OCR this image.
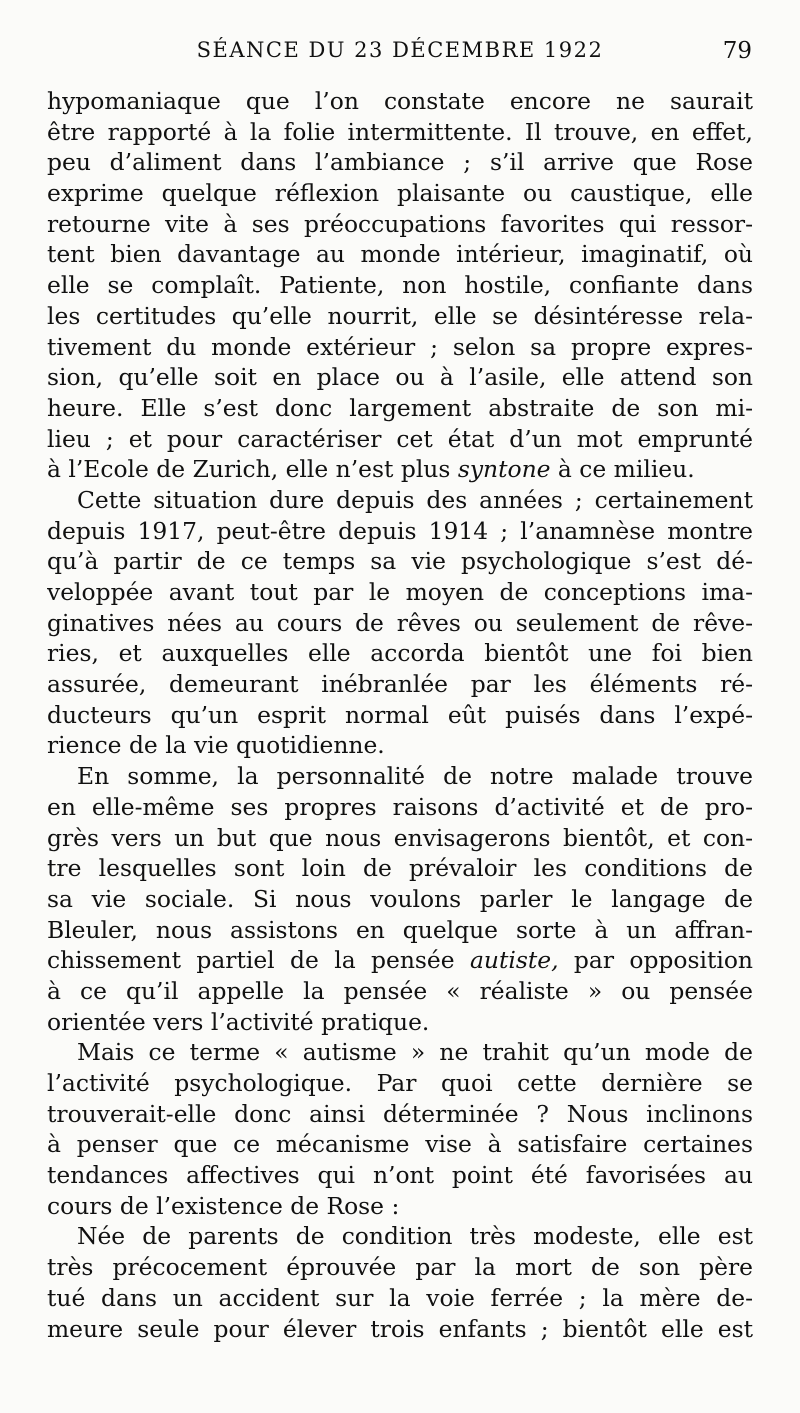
SÉANCE DU 23 DÉCEMBRE 1922	79
hypomaniaque que l’on constate encore ne saurait
être rapporté à la folie intermittente. Il trouve, en effet,
peu d’aliment dans l’ambiance ; s’il arrive que Rose
exprime quelque réflexion plaisante ou caustique, elle
retourne vite à ses préoccupations favorites qui ressor-
tent bien davantage au monde intérieur, imaginatif, où
elle se complaît. Patiente, non hostile, confiante dans
les certitudes qu’elle nourrit, elle se désintéresse rela-
tivement du monde extérieur ; selon sa propre expres-
sion, qu’elle soit en place ou à l’asile, elle attend son
heure. Elle s’est donc largement abstraite de son mi-
lieu ; et pour caractériser cet état d’un mot emprunté
à l’Ecole de Zurich, elle n’est plus syntone à ce milieu.
Cette situation dure depuis des années ; certainement
depuis 1917, peut-être depuis 1914 ; l’anamnèse montre
qu’à partir de ce temps sa vie psychologique s’est dé-
veloppée avant tout par le moyen de conceptions ima-
ginatives nées au cours de rêves ou seulement de rêve-
ries, et auxquelles elle accorda bientôt une foi bien
assurée, demeurant inébranlée par les éléments ré-
ducteurs qu’un esprit normal eût puisés dans l’expé-
rience de la vie quotidienne.
En somme, la personnalité de notre malade trouve
en elle-même ses propres raisons d’activité et de pro-
grès vers un but que nous envisagerons bientôt, et con-
tre lesquelles sont loin de prévaloir les conditions de
sa vie sociale. Si nous voulons parler le langage de
Bleuler, nous assistons en quelque sorte à un affran-
chissement partiel de la pensée autiste, par opposition
à ce qu’il appelle la pensée « réaliste » ou pensée
orientée vers l’activité pratique.
Mais ce terme « autisme » ne trahit qu’un mode de
l’activité psychologique. Par quoi cette dernière se
trouverait-elle donc ainsi déterminée ? Nous inclinons
à penser que ce mécanisme vise à satisfaire certaines
tendances affectives qui n’ont point été favorisées au
cours de l’existence de Rose :
Née de parents de condition très modeste, elle est
très précocement éprouvée par la mort de son père
tué dans un accident sur la voie ferrée ; la mère de-
meure seule pour élever trois enfants ; bientôt elle est
